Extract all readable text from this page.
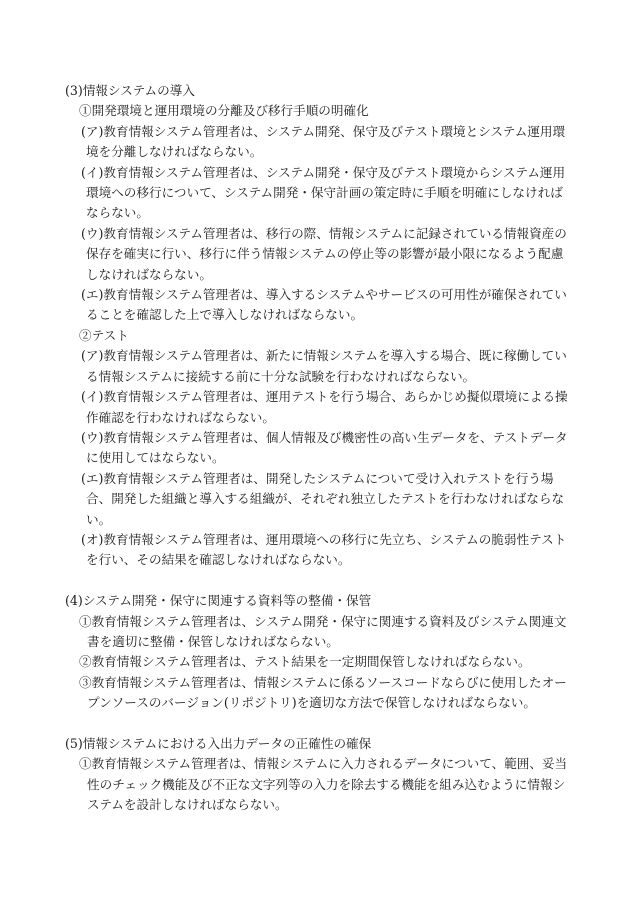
(3)情報システムの導入

①開発環境と運用環境の分離及び移行手順の明確化

(ア)教育情報システム管理者は、システム開発、保守及びテスト環境とシステム運用環境を分離しなければならない。

(イ)教育情報システム管理者は、システム開発・保守及びテスト環境からシステム運用環境への移行について、システム開発・保守計画の策定時に手順を明確にしなければならない。

(ウ)教育情報システム管理者は、移行の際、情報システムに記録されている情報資産の保存を確実に行い、移行に伴う情報システムの停止等の影響が最小限になるよう配慮しなければならない。

(エ)教育情報システム管理者は、導入するシステムやサービスの可用性が確保されていることを確認した上で導入しなければならない。

②テスト

(ア)教育情報システム管理者は、新たに情報システムを導入する場合、既に稼働している情報システムに接続する前に十分な試験を行わなければならない。

(イ)教育情報システム管理者は、運用テストを行う場合、あらかじめ擬似環境による操作確認を行わなければならない。

(ウ)教育情報システム管理者は、個人情報及び機密性の高い生データを、テストデータに使用してはならない。

(エ)教育情報システム管理者は、開発したシステムについて受け入れテストを行う場合、開発した組織と導入する組織が、それぞれ独立したテストを行わなければならない。

(オ)教育情報システム管理者は、運用環境への移行に先立ち、システムの脆弱性テストを行い、その結果を確認しなければならない。

(4)システム開発・保守に関連する資料等の整備・保管

①教育情報システム管理者は、システム開発・保守に関連する資料及びシステム関連文書を適切に整備・保管しなければならない。

②教育情報システム管理者は、テスト結果を一定期間保管しなければならない。

③教育情報システム管理者は、情報システムに係るソースコードならびに使用したオープンソースのバージョン(リポジトリ)を適切な方法で保管しなければならない。

(5)情報システムにおける入出力データの正確性の確保

①教育情報システム管理者は、情報システムに入力されるデータについて、範囲、妥当性のチェック機能及び不正な文字列等の入力を除去する機能を組み込むように情報システムを設計しなければならない。
